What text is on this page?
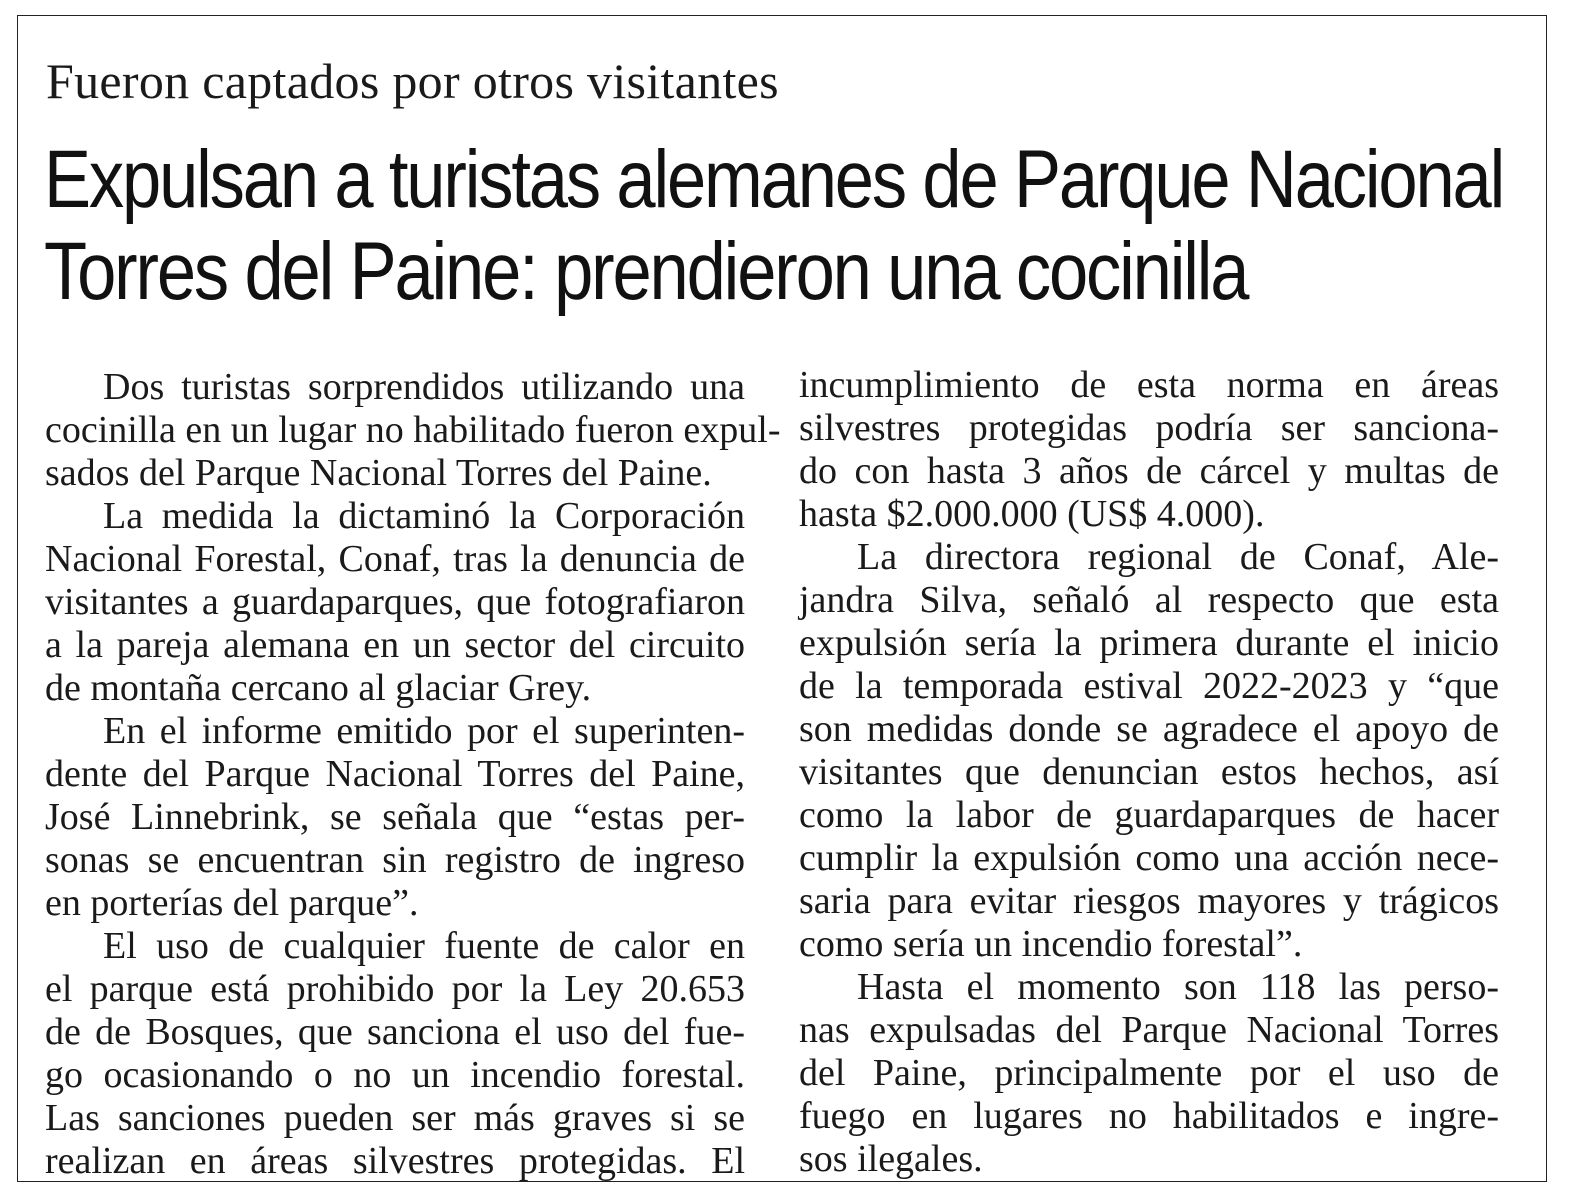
Fueron captados por otros visitantes
Expulsan a turistas alemanes de Parque Nacional
Torres del Paine: prendieron una cocinilla
Dos turistas sorprendidos utilizando una
cocinilla en un lugar no habilitado fueron expul-
sados del Parque Nacional Torres del Paine.
La medida la dictaminó la Corporación
Nacional Forestal, Conaf, tras la denuncia de
visitantes a guardaparques, que fotografiaron
a la pareja alemana en un sector del circuito
de montaña cercano al glaciar Grey.
En el informe emitido por el superinten-
dente del Parque Nacional Torres del Paine,
José Linnebrink, se señala que “estas per-
sonas se encuentran sin registro de ingreso
en porterías del parque”.
El uso de cualquier fuente de calor en
el parque está prohibido por la Ley 20.653
de de Bosques, que sanciona el uso del fue-
go ocasionando o no un incendio forestal.
Las sanciones pueden ser más graves si se
realizan en áreas silvestres protegidas. El
incumplimiento de esta norma en áreas
silvestres protegidas podría ser sanciona-
do con hasta 3 años de cárcel y multas de
hasta $2.000.000 (US$ 4.000).
La directora regional de Conaf, Ale-
jandra Silva, señaló al respecto que esta
expulsión sería la primera durante el inicio
de la temporada estival 2022-2023 y “que
son medidas donde se agradece el apoyo de
visitantes que denuncian estos hechos, así
como la labor de guardaparques de hacer
cumplir la expulsión como una acción nece-
saria para evitar riesgos mayores y trágicos
como sería un incendio forestal”.
Hasta el momento son 118 las perso-
nas expulsadas del Parque Nacional Torres
del Paine, principalmente por el uso de
fuego en lugares no habilitados e ingre-
sos ilegales.
